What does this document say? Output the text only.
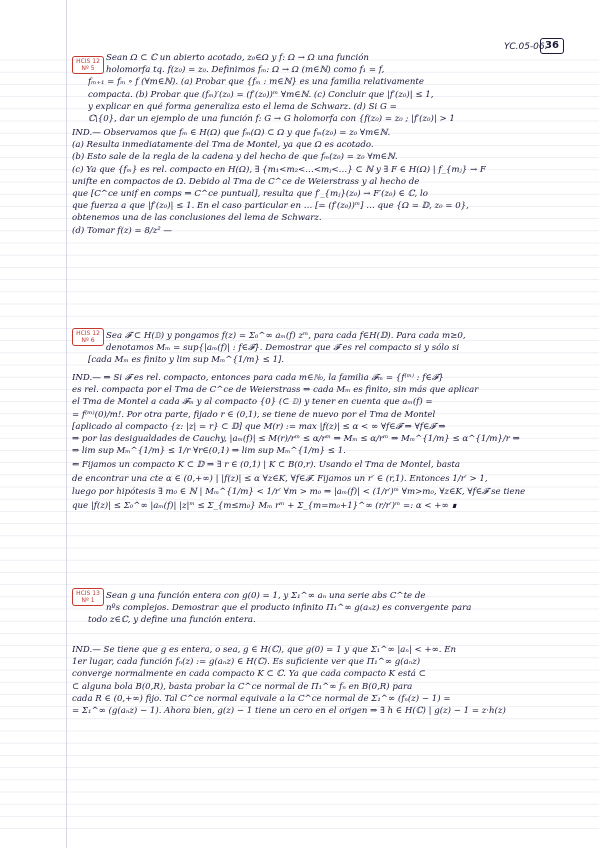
YC.05-06.
36
HCIS 12
Nº 5
Sean Ω ⊂ ℂ un abierto acotado, z₀∈Ω y f: Ω → Ω una función
holomorfa tq. f(z₀) = z₀. Definimos fₘ: Ω → Ω (m∈ℕ) como f₁ = f,
fₘ₊₁ = fₘ ∘ f (∀m∈ℕ). (a) Probar que {fₘ : m∈ℕ} es una familia relativamente
compacta. (b) Probar que (fₘ)′(z₀) = (f′(z₀))ᵐ ∀m∈ℕ. (c) Concluir que |f′(z₀)| ≤ 1,
y explicar en qué forma generaliza esto el lema de Schwarz. (d) Si G =
ℂ\{0}, dar un ejemplo de una función f: G → G holomorfa con {f(z₀) = z₀ ; |f′(z₀)| > 1
IND.— Observamos que fₘ ∈ H(Ω) que fₘ(Ω) ⊂ Ω y que fₘ(z₀) = z₀ ∀m∈ℕ.
(a) Resulta inmediatamente del Tma de Montel, ya que Ω es acotado.
(b) Esto sale de la regla de la cadena y del hecho de que fₘ(z₀) = z₀ ∀m∈ℕ.
(c) Ya que {fₘ} es rel. compacto en H(Ω), ∃ {m₁<m₂<…<mⱼ<…} ⊂ ℕ y ∃ F ∈ H(Ω) | f_{mⱼ} → F
unifte en compactos de Ω. Debido al Tma de C^ce de Weierstrass y al hecho de
que [C^ce unif en comps ⇒ C^ce puntual], resulta que f′_{mⱼ}(z₀) → F′(z₀) ∈ ℂ, lo
que fuerza a que |f′(z₀)| ≤ 1. En el caso particular en … [= (f′(z₀))ᵐ] … que {Ω = 𝔻, z₀ = 0},
obtenemos una de las conclusiones del lema de Schwarz.
(d) Tomar f(z) = 8/z² —
HCIS 12
Nº 6	Sea 𝓕 ⊂ H(𝔻) y pongamos f(z) = Σ₀^∞ aₘ(f) zᵐ, para cada f∈H(𝔻). Para cada m≥0,
denotamos Mₘ = sup{|aₘ(f)| : f∈𝓕}. Demostrar que 𝓕 es rel compacto si y sólo si
[cada Mₘ es finito y lim sup Mₘ^{1/m} ≤ 1].
IND.— ⇒ Si 𝓕 es rel. compacto, entonces para cada m∈ℕ₀, la familia 𝓕ₘ = {f⁽ᵐ⁾ : f∈𝓕}
es rel. compacta por el Tma de C^ce de Weierstrass ⇒ cada Mₘ es finito, sin más que aplicar
el Tma de Montel a cada 𝓕ₘ y al compacto {0} (⊂ 𝔻) y tener en cuenta que aₘ(f) =
= f⁽ᵐ⁾(0)/m!. Por otra parte, fijado r ∈ (0,1), se tiene de nuevo por el Tma de Montel
[aplicado al compacto {z: |z| = r} ⊂ 𝔻] que M(r) := max |f(z)| ≤ α < ∞ ∀f∈𝓕 ⇒ ∀f∈𝓕 ⇒
⇒ por las desigualdades de Cauchy, |aₘ(f)| ≤ M(r)/rᵐ ≤ α/rᵐ ⇒ Mₘ ≤ α/rᵐ ⇒ Mₘ^{1/m} ≤ α^{1/m}/r ⇒
⇒ lim sup Mₘ^{1/m} ≤ 1/r ∀r∈(0,1) ⇒ lim sup Mₘ^{1/m} ≤ 1.
⇐ Fijamos un compacto K ⊂ 𝔻 ⇒ ∃ r ∈ (0,1) | K ⊂ B(0,r). Usando el Tma de Montel, basta
de encontrar una cte α ∈ (0,+∞) | |f(z)| ≤ α ∀z∈K, ∀f∈𝓕. Fijamos un r′ ∈ (r,1). Entonces 1/r′ > 1,
luego por hipótesis ∃ m₀ ∈ ℕ | Mₘ^{1/m} < 1/r′ ∀m > m₀ ⇒ |aₘ(f)| < (1/r′)ᵐ ∀m>m₀, ∀z∈K, ∀f∈𝓕 se tiene
que |f(z)| ≤ Σ₀^∞ |aₘ(f)| |z|ᵐ ≤ Σ_{m≤m₀} Mₘ rᵐ + Σ_{m=m₀+1}^∞ (r/r′)ᵐ =: α < +∞ ∎
HCIS 13
Nº 1	Sean g una función entera con g(0) = 1, y Σ₁^∞ aₙ una serie abs C^te de
nºs complejos. Demostrar que el producto infinito Π₁^∞ g(aₙz) es convergente para
todo z∈ℂ, y define una función entera.
IND.— Se tiene que g es entera, o sea, g ∈ H(ℂ), que g(0) = 1 y que Σ₁^∞ |aₙ| < +∞. En
1er lugar, cada función fₙ(z) := g(aₙz) ∈ H(ℂ). Es suficiente ver que Π₁^∞ g(aₙz)
converge normalmente en cada compacto K ⊂ ℂ. Ya que cada compacto K está ⊂
⊂ alguna bola B(0,R), basta probar la C^ce normal de Π₁^∞ fₙ en B(0,R) para
cada R ∈ (0,+∞) fijo. Tal C^ce normal equivale a la C^ce normal de Σ₁^∞ (fₙ(z) − 1) =
= Σ₁^∞ (g(aₙz) − 1). Ahora bien, g(z) − 1 tiene un cero en el origen ⇒ ∃ h ∈ H(ℂ) | g(z) − 1 = z·h(z)
